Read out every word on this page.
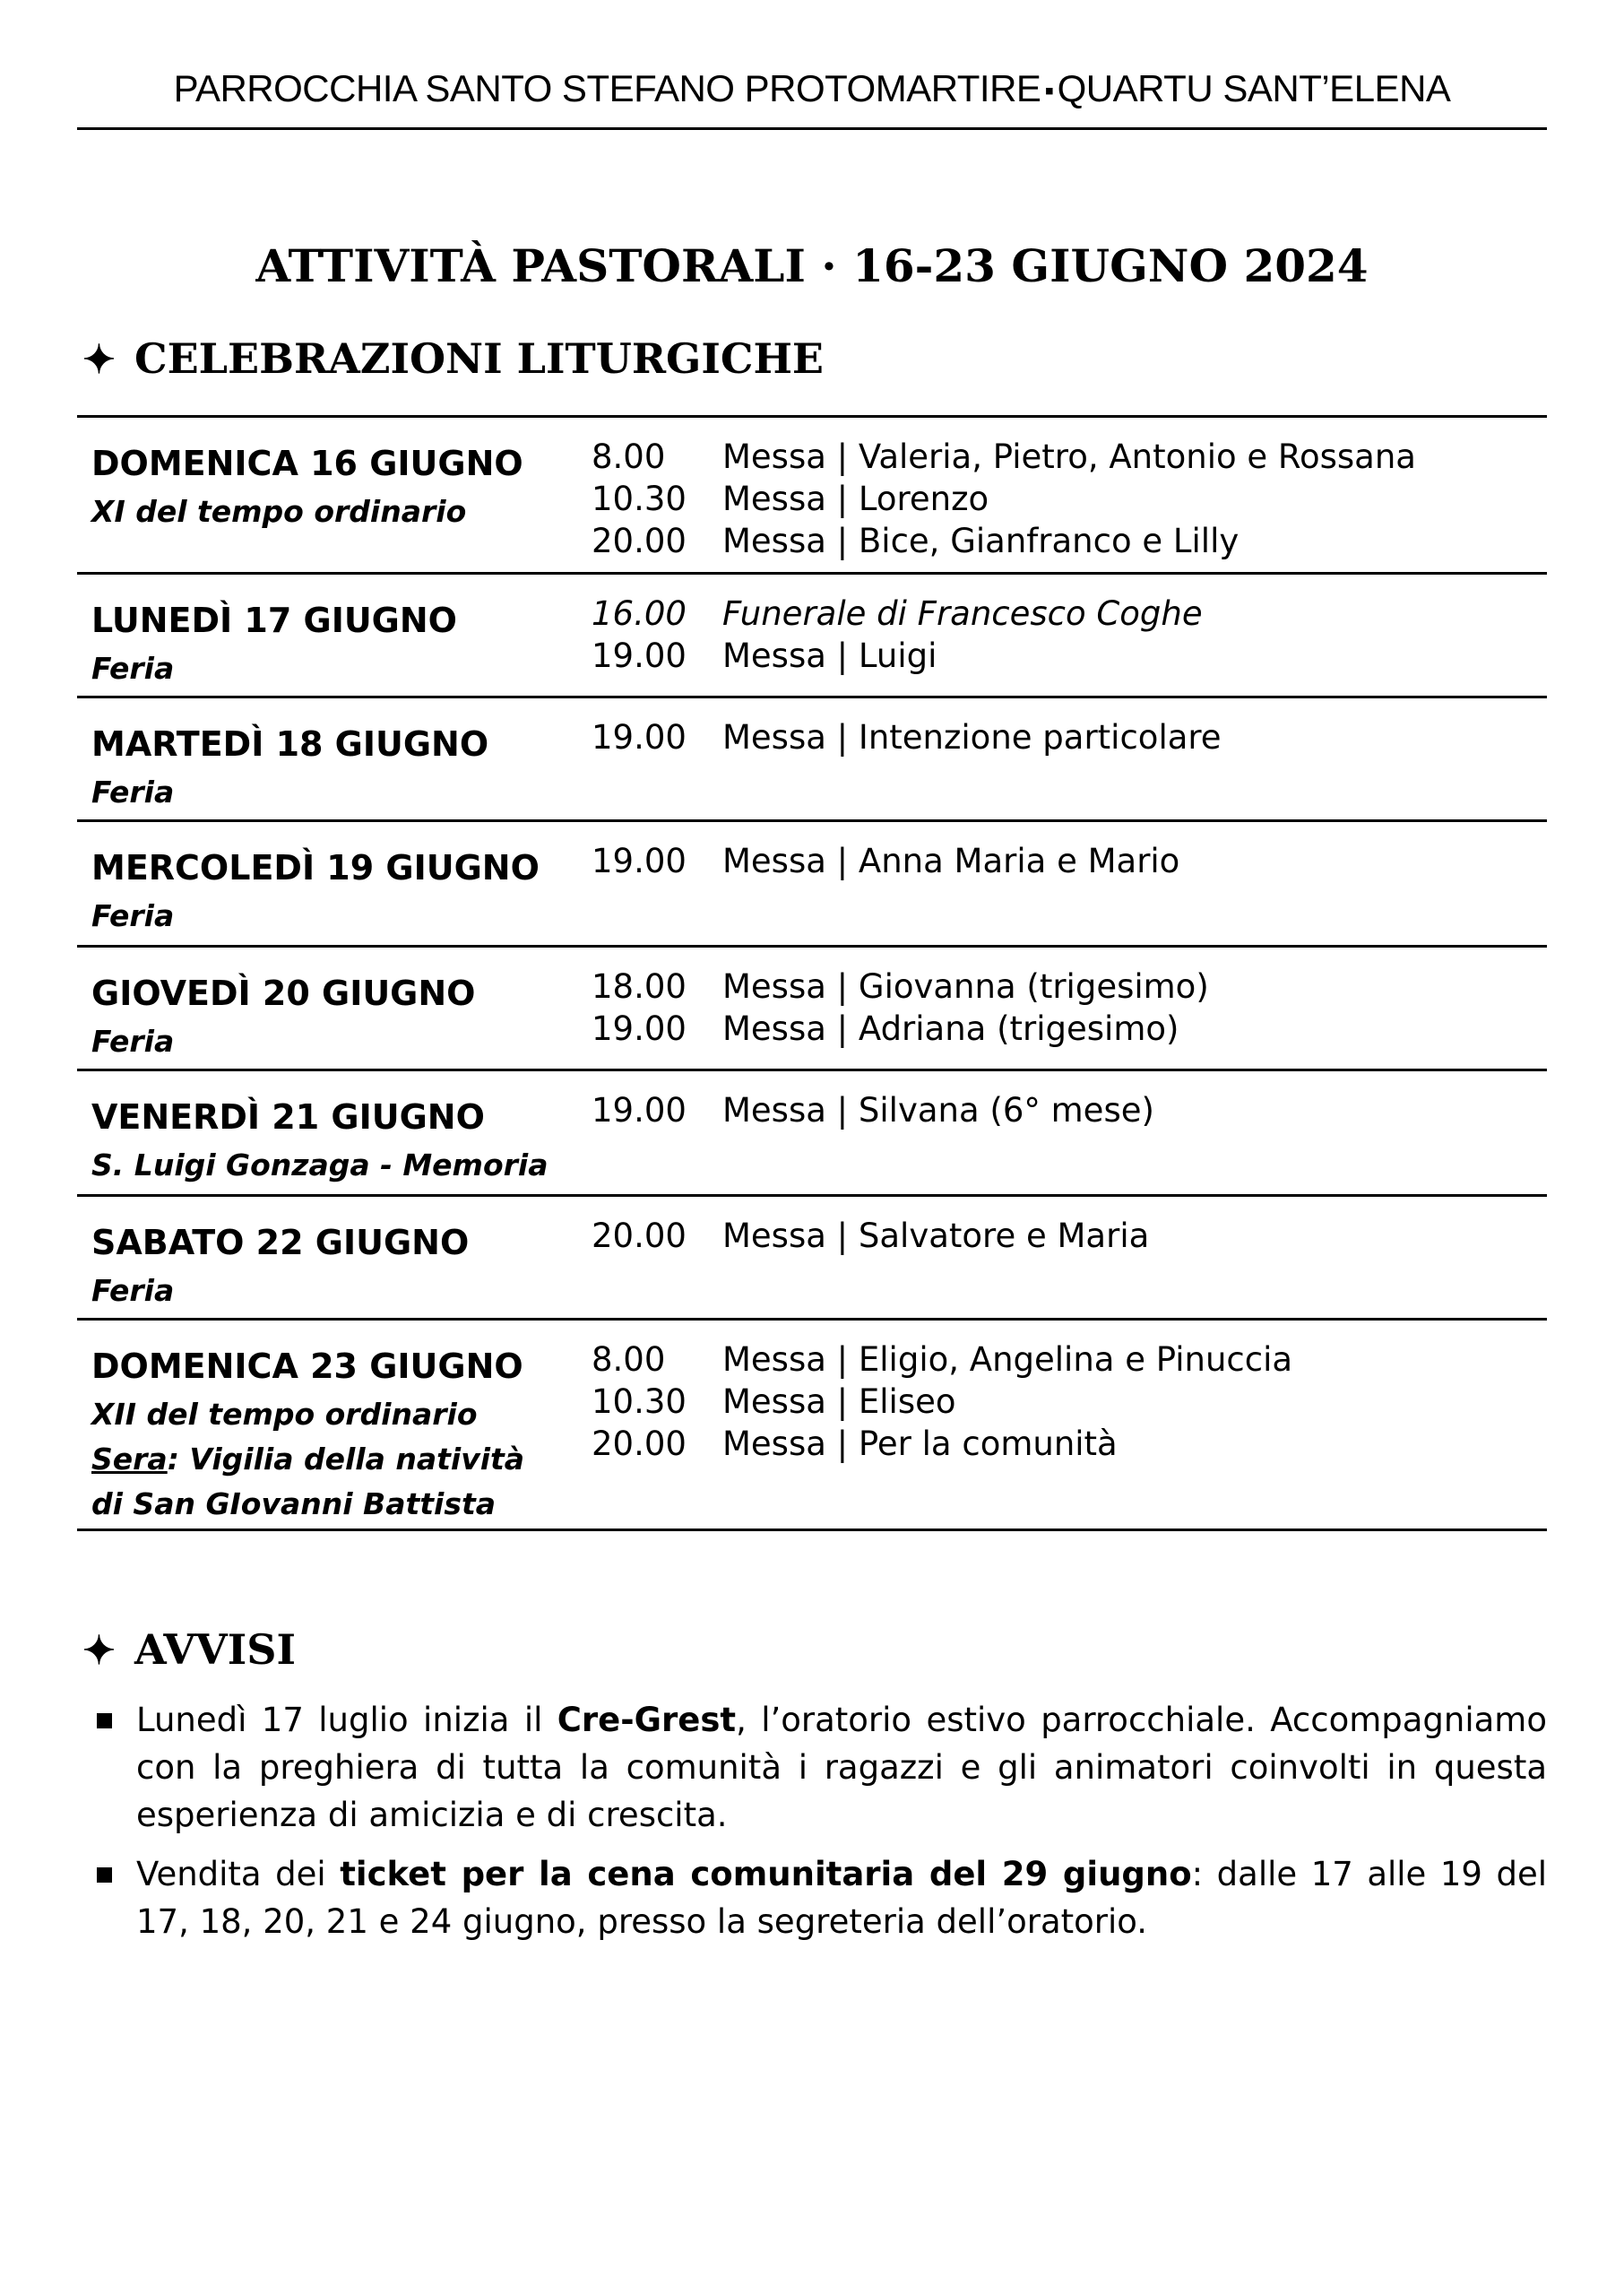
PARROCCHIA SANTO STEFANO PROTOMARTIRE ▪QUARTU SANT’ELENA
ATTIVITÀ PASTORALI · 16-23 GIUGNO 2024
✦ CELEBRAZIONI LITURGICHE
DOMENICA 16 GIUGNO
XI del tempo ordinario
8.00 Messa | Valeria, Pietro, Antonio e Rossana
10.30 Messa | Lorenzo
20.00 Messa | Bice, Gianfranco e Lilly
LUNEDÌ 17 GIUGNO
Feria
16.00 Funerale di Francesco Coghe
19.00 Messa | Luigi
MARTEDÌ 18 GIUGNO
Feria
19.00 Messa | Intenzione particolare
MERCOLEDÌ 19 GIUGNO
Feria
19.00 Messa | Anna Maria e Mario
GIOVEDÌ 20 GIUGNO
Feria
18.00 Messa | Giovanna (trigesimo)
19.00 Messa | Adriana (trigesimo)
VENERDÌ 21 GIUGNO
S. Luigi Gonzaga - Memoria
19.00 Messa | Silvana (6° mese)
SABATO 22 GIUGNO
Feria
20.00 Messa | Salvatore e Maria
DOMENICA 23 GIUGNO
XII del tempo ordinario
Sera: Vigilia della natività
di San GIovanni Battista
8.00 Messa | Eligio, Angelina e Pinuccia
10.30 Messa | Eliseo
20.00 Messa | Per la comunità
✦ AVVISI
Lunedì 17 luglio inizia il Cre-Grest, l’oratorio estivo parrocchiale. Accompagniamo con la preghiera di tutta la comunità i ragazzi e gli animatori coinvolti in questa esperienza di amicizia e di crescita.
Vendita dei ticket per la cena comunitaria del 29 giugno: dalle 17 alle 19 del 17, 18, 20, 21 e 24 giugno, presso la segreteria dell’oratorio.
